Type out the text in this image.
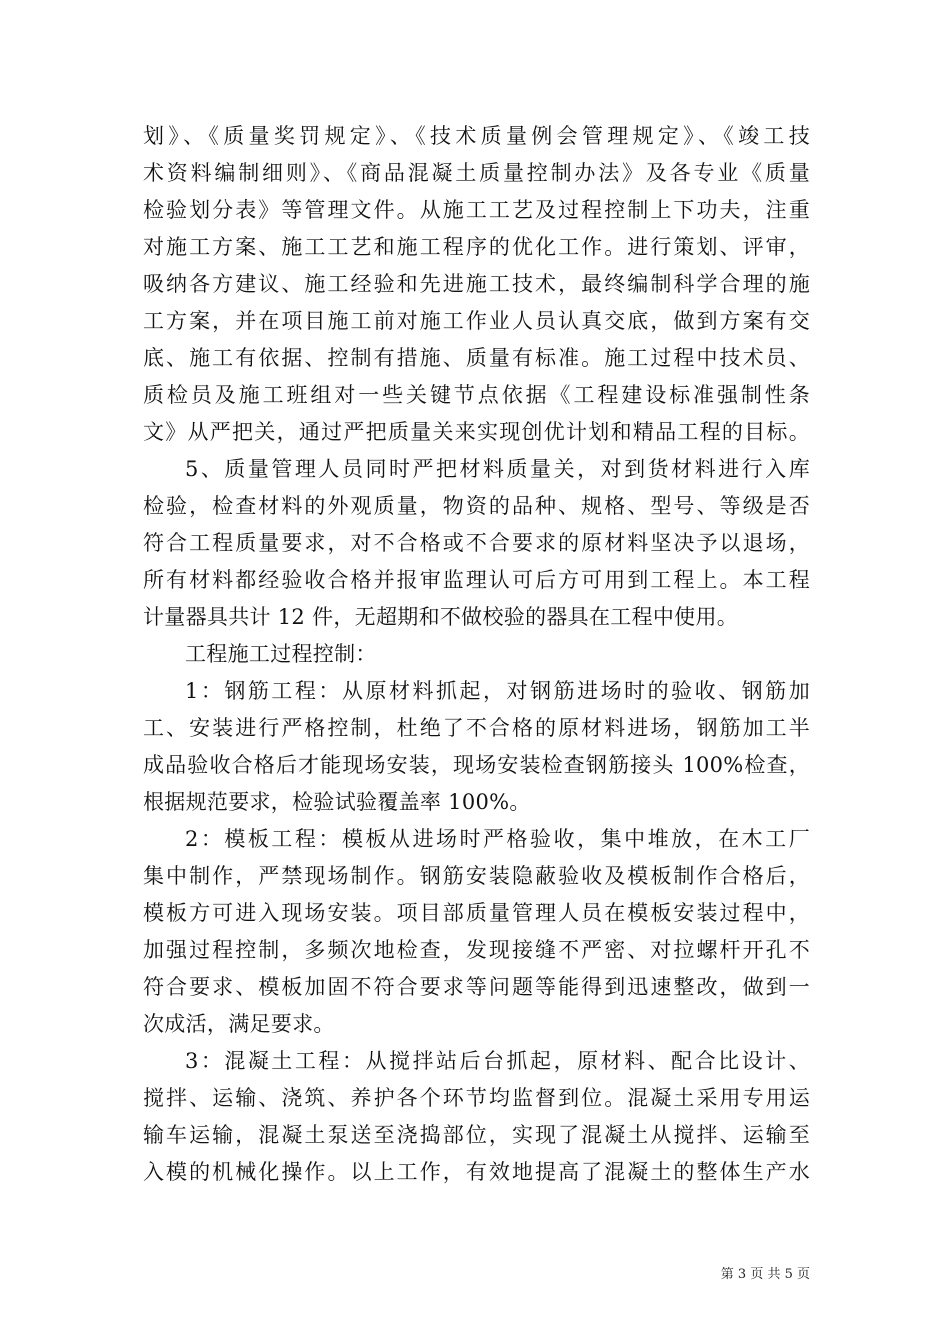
划》、《质量奖罚规定》、《技术质量例会管理规定》、《竣工技
术资料编制细则》、《商品混凝土质量控制办法》及各专业《质量
检验划分表》等管理文件。从施工工艺及过程控制上下功夫，注重
对施工方案、施工工艺和施工程序的优化工作。进行策划、评审，
吸纳各方建议、施工经验和先进施工技术，最终编制科学合理的施
工方案，并在项目施工前对施工作业人员认真交底，做到方案有交
底、施工有依据、控制有措施、质量有标准。施工过程中技术员、
质检员及施工班组对一些关键节点依据《工程建设标准强制性条
文》从严把关，通过严把质量关来实现创优计划和精品工程的目标。
5、质量管理人员同时严把材料质量关，对到货材料进行入库
检验，检查材料的外观质量，物资的品种、规格、型号、等级是否
符合工程质量要求，对不合格或不合要求的原材料坚决予以退场，
所有材料都经验收合格并报审监理认可后方可用到工程上。本工程
计量器具共计 12 件，无超期和不做校验的器具在工程中使用。
工程施工过程控制：
1：钢筋工程：从原材料抓起，对钢筋进场时的验收、钢筋加
工、安装进行严格控制，杜绝了不合格的原材料进场，钢筋加工半
成品验收合格后才能现场安装，现场安装检查钢筋接头 100%检查，
根据规范要求，检验试验覆盖率 100%。
2：模板工程：模板从进场时严格验收，集中堆放，在木工厂
集中制作，严禁现场制作。钢筋安装隐蔽验收及模板制作合格后，
模板方可进入现场安装。项目部质量管理人员在模板安装过程中，
加强过程控制，多频次地检查，发现接缝不严密、对拉螺杆开孔不
符合要求、模板加固不符合要求等问题等能得到迅速整改，做到一
次成活，满足要求。
3：混凝土工程：从搅拌站后台抓起，原材料、配合比设计、
搅拌、运输、浇筑、养护各个环节均监督到位。混凝土采用专用运
输车运输，混凝土泵送至浇捣部位，实现了混凝土从搅拌、运输至
入模的机械化操作。以上工作，有效地提高了混凝土的整体生产水
第 3 页 共 5 页
